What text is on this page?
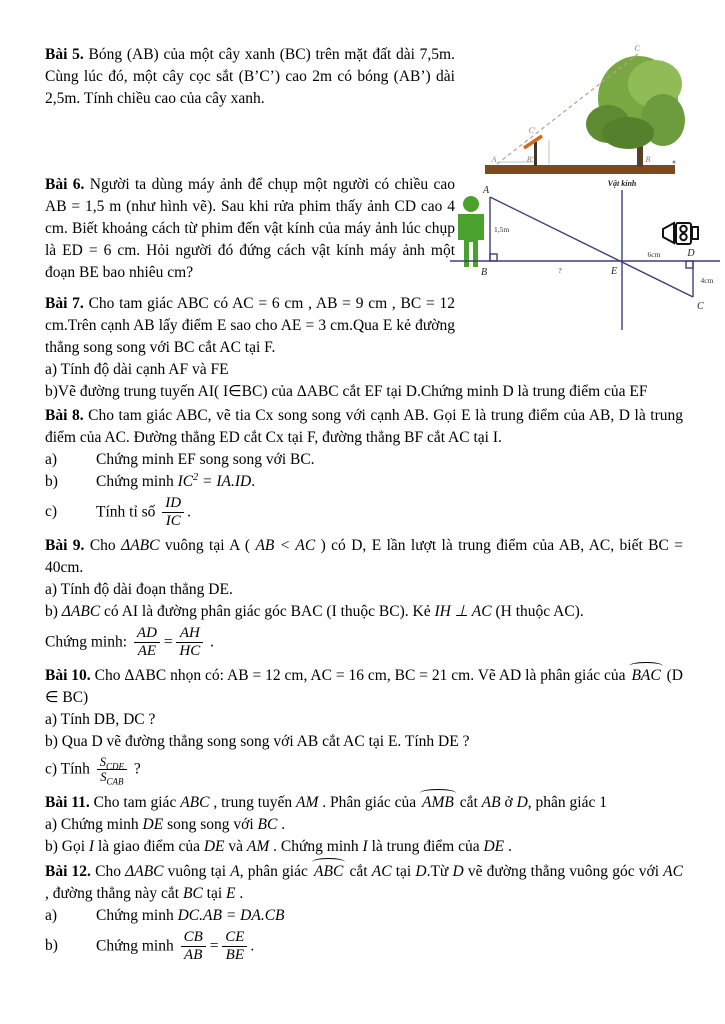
Bài 5. Bóng (AB) của một cây xanh (BC) trên mặt đất dài 7,5m. Cùng lúc đó, một cây cọc sắt (B’C’) cao 2m có bóng (AB’) dài 2,5m. Tính chiều cao của cây xanh.

Bài 6. Người ta dùng máy ảnh để chụp một người có chiều cao AB = 1,5 m (như hình vẽ). Sau khi rửa phim thấy ảnh CD cao 4 cm. Biết khoảng cách từ phim đến vật kính của máy ảnh lúc chụp là ED = 6 cm. Hỏi người đó đứng cách vật kính máy ảnh một đoạn BE bao nhiêu cm?

Bài 7. Cho tam giác ABC có AC = 6 cm , AB = 9 cm , BC = 12 cm.Trên cạnh AB lấy điểm E sao cho AE = 3 cm.Qua E kẻ đường thẳng song song với BC cắt AC tại F.

a) Tính độ dài cạnh AF và FE

b)Vẽ đường trung tuyến AI( I∈BC) của ΔABC cắt EF tại D.Chứng minh D là trung điểm của EF

Bài 8. Cho tam giác ABC, vẽ tia Cx song song với cạnh AB. Gọi E là trung điểm của AB, D là trung điểm của AC. Đường thẳng ED cắt Cx tại F, đường thẳng BF cắt AC tại I.

a)	Chứng minh EF song song với BC.

b) Chứng minh $IC^2 = IA.ID$.

c)	Tính tỉ số $\frac{ID}{IC}$ .

Bài 9. Cho ΔABC vuông tại A ( AB < AC ) có D, E lần lượt là trung điểm của AB, AC, biết BC = 40cm.

a) Tính độ dài đoạn thẳng DE.

b) ΔABC có AI là đường phân giác góc BAC (I thuộc BC). Kẻ IH ⊥ AC (H thuộc AC).

Chứng minh: $\frac{AD}{AE} = \frac{AH}{HC}$ .

Bài 10. Cho ΔABC nhọn có: AB = 12 cm, AC = 16 cm, BC = 21 cm. Vẽ AD là phân giác của BAC (D ∈ BC)

a) Tính DB, DC ?

b) Qua D vẽ đường thẳng song song với AB cắt AC tại E. Tính DE ?

c) Tính $\frac{S_{CDE}}{S_{CAB}}$ ?

Bài 11. Cho tam giác ABC , trung tuyến AM . Phân giác của AMB cắt AB ở D, phân giác 1

a) Chứng minh DE song song với BC .

b) Gọi I là giao điểm của DE và AM . Chứng minh I là trung điểm của DE .

Bài 12. Cho ΔABC vuông tại A, phân giác ABC cắt AC tại D.Từ D vẽ đường thẳng vuông góc với AC , đường thẳng này cắt BC tại E .

a)	Chứng minh DC.AB = DA.CB

b) Chứng minh $\frac{CB}{AB} = \frac{CE}{BE}$ .

A	B'
C'
B
C
Vật kính
A
1,5m
B	?	E
6cm	D
4cm
C
